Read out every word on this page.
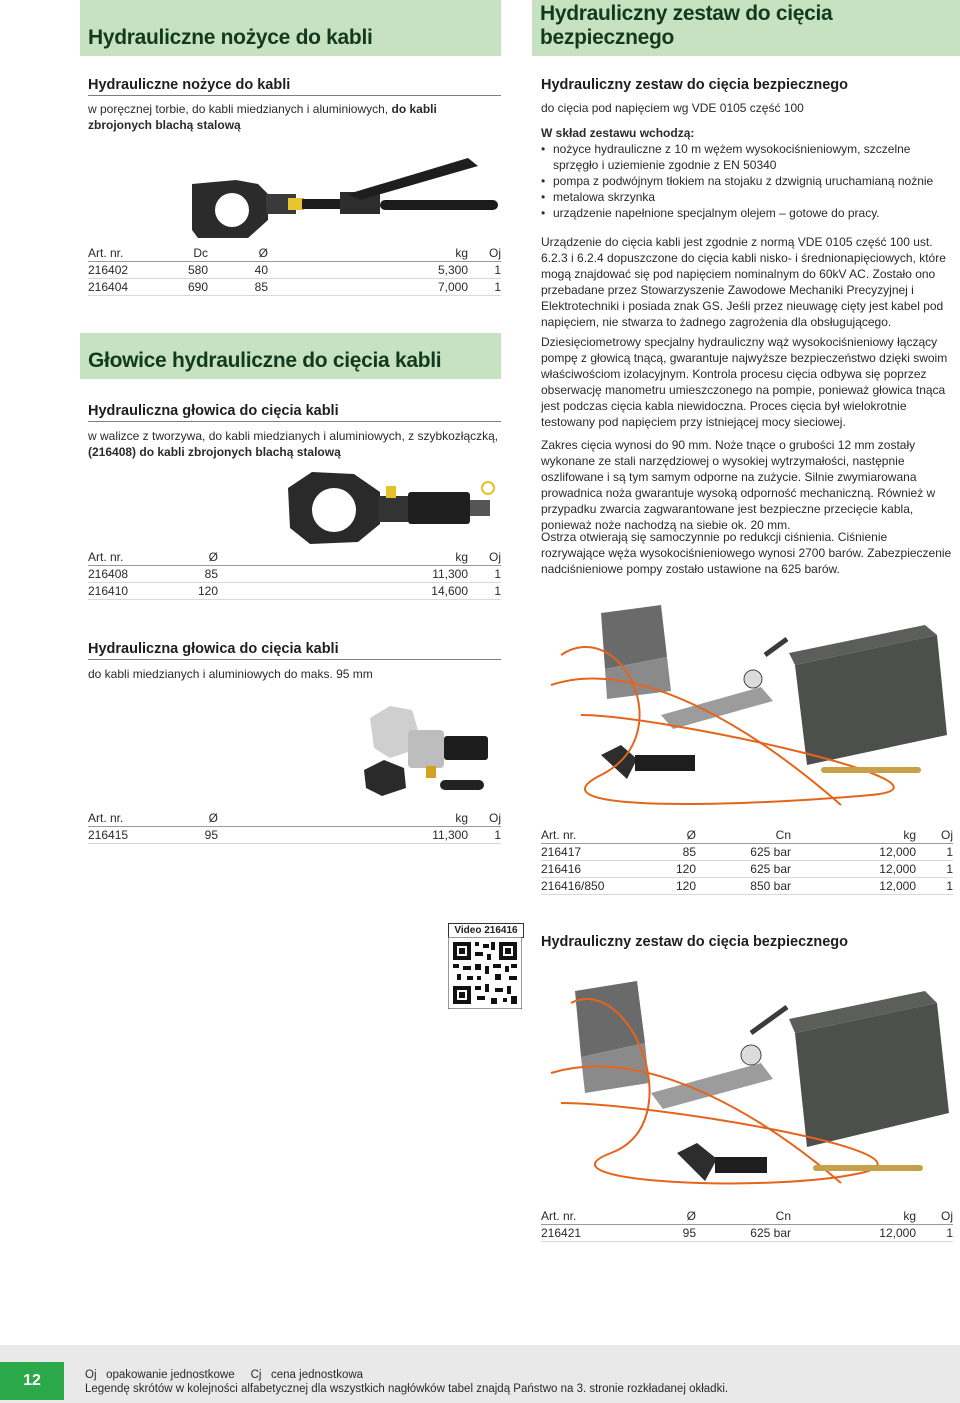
Hydrauliczne nożyce do kabli
Hydrauliczne nożyce do kabli
w poręcznej torbie, do kabli miedzianych i aluminiowych, do kabli zbrojonych blachą stalową
Art. nr.	Dc	Ø	kg	Oj
216402	580	40	5,300	1
216404	690	85	7,000	1
Głowice hydrauliczne do cięcia kabli
Hydrauliczna głowica do cięcia kabli
w walizce z tworzywa, do kabli miedzianych i aluminiowych, z szybkozłączką, (216408) do kabli zbrojonych blachą stalową
Art. nr.	Ø	kg	Oj
216408	85	11,300	1
216410	120	14,600	1
Hydrauliczna głowica do cięcia kabli
do kabli miedzianych i aluminiowych do maks. 95 mm
Art. nr.	Ø	kg	Oj
216415	95	11,300	1
Video 216416
Hydrauliczny zestaw do cięcia bezpiecznego
Hydrauliczny zestaw do cięcia bezpiecznego
do cięcia pod napięciem wg VDE 0105 część 100
W skład zestawu wchodzą:
• nożyce hydrauliczne z 10 m wężem wysokociśnieniowym, szczelne sprzęgło i uziemienie zgodnie z EN 50340
• pompa z podwójnym tłokiem na stojaku z dzwignią uruchamianą nożnie
• metalowa skrzynka
• urządzenie napełnione specjalnym olejem – gotowe do pracy.
Urządzenie do cięcia kabli jest zgodnie z normą VDE 0105 część 100 ust. 6.2.3 i 6.2.4 dopuszczone do cięcia kabli nisko- i średnionapięciowych, które mogą znajdować się pod napięciem nominalnym do 60kV AC. Zostało ono przebadane przez Stowarzyszenie Zawodowe Mechaniki Precyzyjnej i Elektrotechniki i posiada znak GS. Jeśli przez nieuwagę cięty jest kabel pod napięciem, nie stwarza to żadnego zagrożenia dla obsługującego.
Dziesięciometrowy specjalny hydrauliczny wąż wysokociśnieniowy łączący pompę z głowicą tnącą, gwarantuje najwyższe bezpieczeństwo dzięki swoim właściwościom izolacyjnym. Kontrola procesu cięcia odbywa się poprzez obserwację manometru umieszczonego na pompie, ponieważ głowica tnąca jest podczas cięcia kabla niewidoczna. Proces cięcia był wielokrotnie testowany pod napięciem przy istniejącej mocy sieciowej.
Zakres cięcia wynosi do 90 mm. Noże tnące o grubości 12 mm zostały wykonane ze stali narzędziowej o wysokiej wytrzymałości, następnie oszlifowane i są tym samym odporne na zużycie. Silnie zwymiarowana prowadnica noża gwarantuje wysoką odporność mechaniczną. Również w przypadku zwarcia zagwarantowane jest bezpieczne przecięcie kabla, ponieważ noże nachodzą na siebie ok. 20 mm.
Ostrza otwierają się samoczynnie po redukcji ciśnienia. Ciśnienie rozrywające węża wysokociśnieniowego wynosi 2700 barów. Zabezpieczenie nadciśnieniowe pompy zostało ustawione na 625 barów.
Art. nr.	Ø	Cn	kg	Oj
216417	85	625 bar	12,000	1
216416	120	625 bar	12,000	1
216416/850	120	850 bar	12,000	1
Hydrauliczny zestaw do cięcia bezpiecznego
Art. nr.	Ø	Cn	kg	Oj
216421	95	625 bar	12,000	1
12	Oj   opakowanie jednostkowe     Cj   cena jednostkowa
Legendę skrótów w kolejności alfabetycznej dla wszystkich nagłówków tabel znajdą Państwo na 3. stronie rozkładanej okładki.
